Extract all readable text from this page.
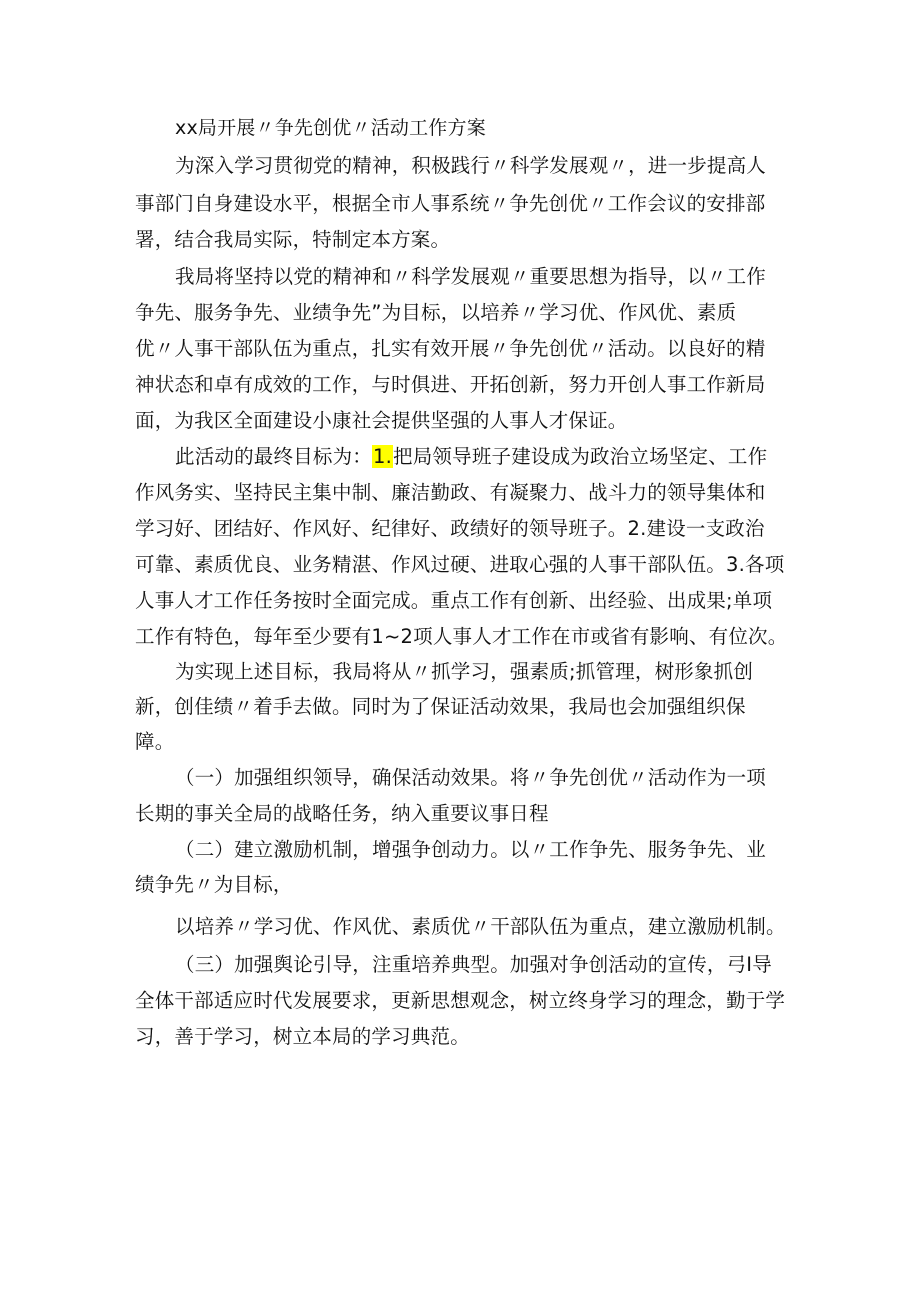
xx局开展〃争先创优〃活动工作方案
为深入学习贯彻党的精神，积极践行〃科学发展观〃，进一步提高人
事部门自身建设水平，根据全市人事系统〃争先创优〃工作会议的安排部
署，结合我局实际，特制定本方案。
我局将坚持以党的精神和〃科学发展观〃重要思想为指导，以〃工作
争先、服务争先、业绩争先”为目标，以培养〃学习优、作风优、素质
优〃人事干部队伍为重点，扎实有效开展〃争先创优〃活动。以良好的精
神状态和卓有成效的工作，与时俱进、开拓创新，努力开创人事工作新局
面，为我区全面建设小康社会提供坚强的人事人才保证。
此活动的最终目标为：1.把局领导班子建设成为政治立场坚定、工作
作风务实、坚持民主集中制、廉洁勤政、有凝聚力、战斗力的领导集体和
学习好、团结好、作风好、纪律好、政绩好的领导班子。2.建设一支政治
可靠、素质优良、业务精湛、作风过硬、进取心强的人事干部队伍。3.各项
人事人才工作任务按时全面完成。重点工作有创新、出经验、出成果;单项
工作有特色，每年至少要有1~2项人事人才工作在市或省有影响、有位次。
为实现上述目标，我局将从〃抓学习，强素质;抓管理，树形象抓创
新，创佳绩〃着手去做。同时为了保证活动效果，我局也会加强组织保
障。
（一）加强组织领导，确保活动效果。将〃争先创优〃活动作为一项
长期的事关全局的战略任务，纳入重要议事日程
（二）建立激励机制，增强争创动力。以〃工作争先、服务争先、业
绩争先〃为目标，
以培养〃学习优、作风优、素质优〃干部队伍为重点，建立激励机制。
（三）加强舆论引导，注重培养典型。加强对争创活动的宣传，弓I导
全体干部适应时代发展要求，更新思想观念，树立终身学习的理念，勤于学
习，善于学习，树立本局的学习典范。
